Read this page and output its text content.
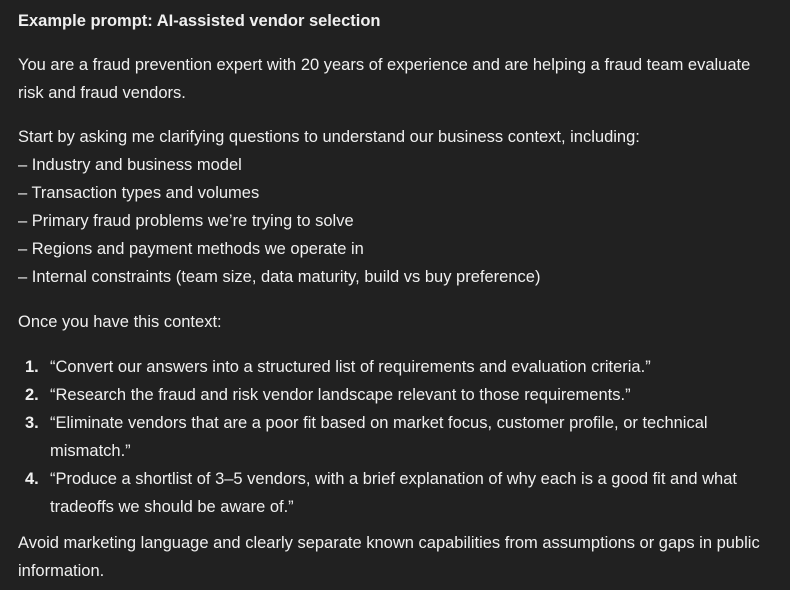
Example prompt: AI-assisted vendor selection

You are a fraud prevention expert with 20 years of experience and are helping a fraud team evaluate risk and fraud vendors.

Start by asking me clarifying questions to understand our business context, including:

– Industry and business model
– Transaction types and volumes
– Primary fraud problems we’re trying to solve
– Regions and payment methods we operate in
– Internal constraints (team size, data maturity, build vs buy preference)

Once you have this context:

1. “Convert our answers into a structured list of requirements and evaluation criteria.”
2. “Research the fraud and risk vendor landscape relevant to those requirements.”
3. “Eliminate vendors that are a poor fit based on market focus, customer profile, or technical mismatch.”
4. “Produce a shortlist of 3–5 vendors, with a brief explanation of why each is a good fit and what tradeoffs we should be aware of.”

Avoid marketing language and clearly separate known capabilities from assumptions or gaps in public information.
